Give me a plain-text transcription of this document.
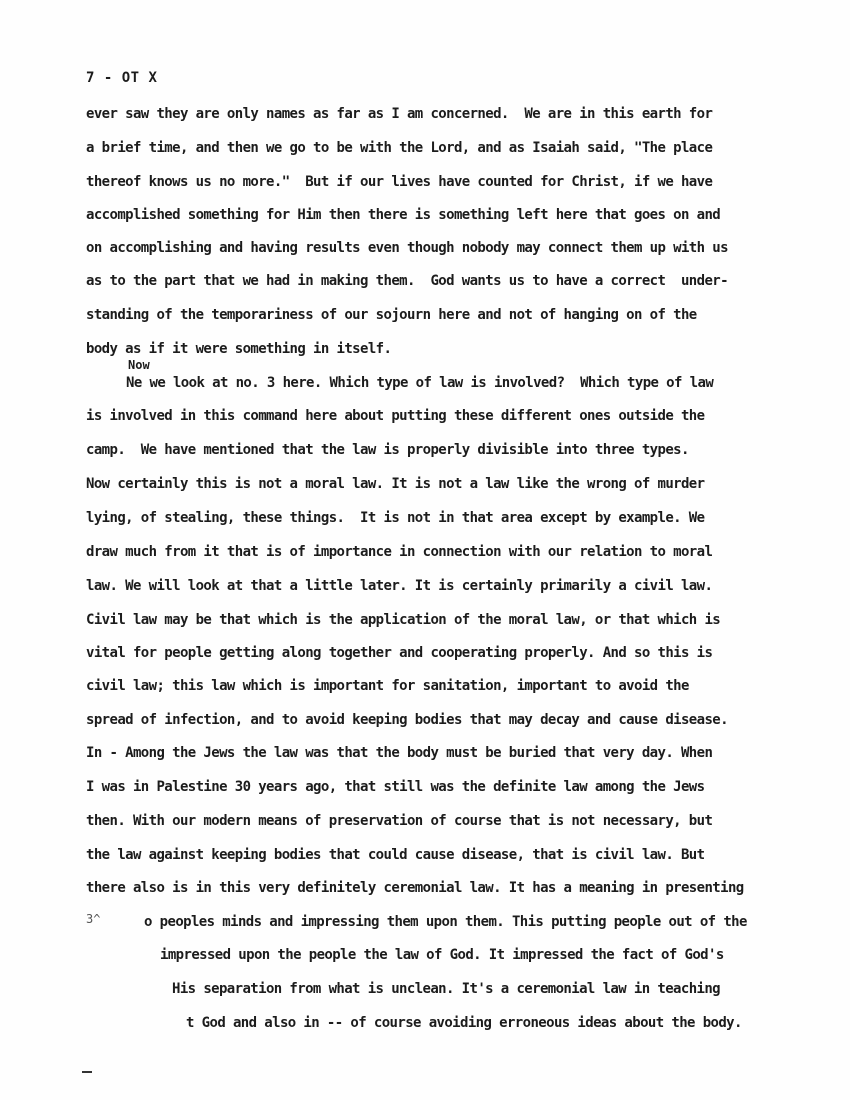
7 - OT X
Now
ever saw they are only names as far as I am concerned.  We are in this earth for
a brief time, and then we go to be with the Lord, and as Isaiah said, "The place
thereof knows us no more."  But if our lives have counted for Christ, if we have
accomplished something for Him then there is something left here that goes on and
on accomplishing and having results even though nobody may connect them up with us
as to the part that we had in making them.  God wants us to have a correct  under-
standing of the temporariness of our sojourn here and not of hanging on of the
body as if it were something in itself.
Ne we look at no. 3 here. Which type of law is involved?  Which type of law
is involved in this command here about putting these different ones outside the
camp.  We have mentioned that the law is properly divisible into three types.
Now certainly this is not a moral law. It is not a law like the wrong of murder
lying, of stealing, these things.  It is not in that area except by example. We
draw much from it that is of importance in connection with our relation to moral
law. We will look at that a little later. It is certainly primarily a civil law.
Civil law may be that which is the application of the moral law, or that which is
vital for people getting along together and cooperating properly. And so this is
civil law; this law which is important for sanitation, important to avoid the
spread of infection, and to avoid keeping bodies that may decay and cause disease.
In - Among the Jews the law was that the body must be buried that very day. When
I was in Palestine 30 years ago, that still was the definite law among the Jews
then. With our modern means of preservation of course that is not necessary, but
the law against keeping bodies that could cause disease, that is civil law. But
there also is in this very definitely ceremonial law. It has a meaning in presenting
3^	o peoples minds and impressing them upon them. This putting people out of the
impressed upon the people the law of God. It impressed the fact of God's
His separation from what is unclean. It's a ceremonial law in teaching
t God and also in -- of course avoiding erroneous ideas about the body.
